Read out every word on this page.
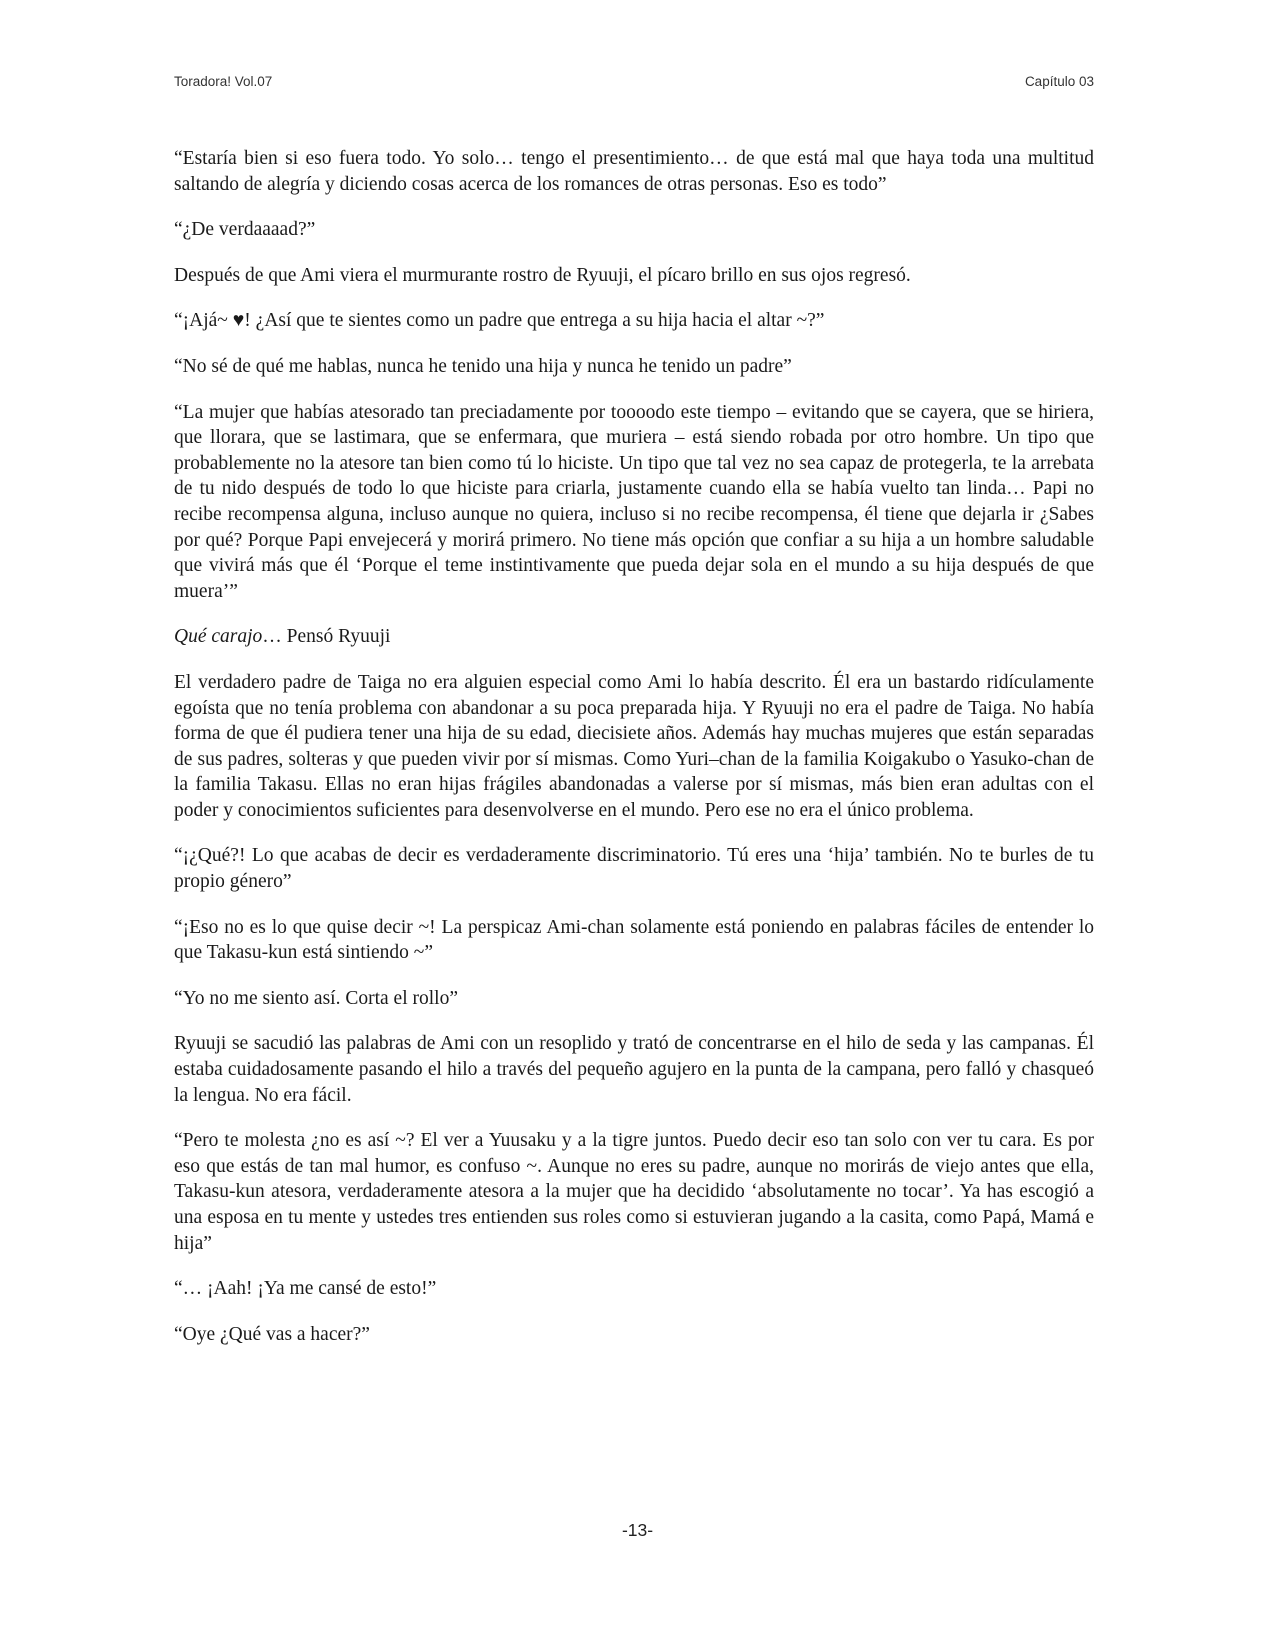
Toradora! Vol.07	Capítulo 03

“Estaría bien si eso fuera todo. Yo solo… tengo el presentimiento… de que está mal que haya toda una multitud saltando de alegría y diciendo cosas acerca de los romances de otras personas. Eso es todo”

“¿De verdaaaad?”

Después de que Ami viera el murmurante rostro de Ryuuji, el pícaro brillo en sus ojos regresó.

“¡Ajá~ ♥! ¿Así que te sientes como un padre que entrega a su hija hacia el altar ~?”

“No sé de qué me hablas, nunca he tenido una hija y nunca he tenido un padre”

“La mujer que habías atesorado tan preciadamente por toooodo este tiempo – evitando que se cayera, que se hiriera, que llorara, que se lastimara, que se enfermara, que muriera – está siendo robada por otro hombre. Un tipo que probablemente no la atesore tan bien como tú lo hiciste. Un tipo que tal vez no sea capaz de protegerla, te la arrebata de tu nido después de todo lo que hiciste para criarla, justamente cuando ella se había vuelto tan linda… Papi no recibe recompensa alguna, incluso aunque no quiera, incluso si no recibe recompensa, él tiene que dejarla ir ¿Sabes por qué? Porque Papi envejecerá y morirá primero. No tiene más opción que confiar a su hija a un hombre saludable que vivirá más que él ‘Porque el teme instintivamente que pueda dejar sola en el mundo a su hija después de que muera’”

Qué carajo… Pensó Ryuuji

El verdadero padre de Taiga no era alguien especial como Ami lo había descrito. Él era un bastardo ridículamente egoísta que no tenía problema con abandonar a su poca preparada hija. Y Ryuuji no era el padre de Taiga. No había forma de que él pudiera tener una hija de su edad, diecisiete años. Además hay muchas mujeres que están separadas de sus padres, solteras y que pueden vivir por sí mismas. Como Yuri–chan de la familia Koigakubo o Yasuko-chan de la familia Takasu. Ellas no eran hijas frágiles abandonadas a valerse por sí mismas, más bien eran adultas con el poder y conocimientos suficientes para desenvolverse en el mundo. Pero ese no era el único problema.

“¡¿Qué?! Lo que acabas de decir es verdaderamente discriminatorio. Tú eres una ‘hija’ también. No te burles de tu propio género”

“¡Eso no es lo que quise decir ~! La perspicaz Ami-chan solamente está poniendo en palabras fáciles de entender lo que Takasu-kun está sintiendo ~”

“Yo no me siento así. Corta el rollo”

Ryuuji se sacudió las palabras de Ami con un resoplido y trató de concentrarse en el hilo de seda y las campanas. Él estaba cuidadosamente pasando el hilo a través del pequeño agujero en la punta de la campana, pero falló y chasqueó la lengua. No era fácil.

“Pero te molesta ¿no es así ~? El ver a Yuusaku y a la tigre juntos. Puedo decir eso tan solo con ver tu cara. Es por eso que estás de tan mal humor, es confuso ~. Aunque no eres su padre, aunque no morirás de viejo antes que ella, Takasu-kun atesora, verdaderamente atesora a la mujer que ha decidido ‘absolutamente no tocar’. Ya has escogió a una esposa en tu mente y ustedes tres entienden sus roles como si estuvieran jugando a la casita, como Papá, Mamá e hija”

“… ¡Aah! ¡Ya me cansé de esto!”

“Oye ¿Qué vas a hacer?”

-13-
